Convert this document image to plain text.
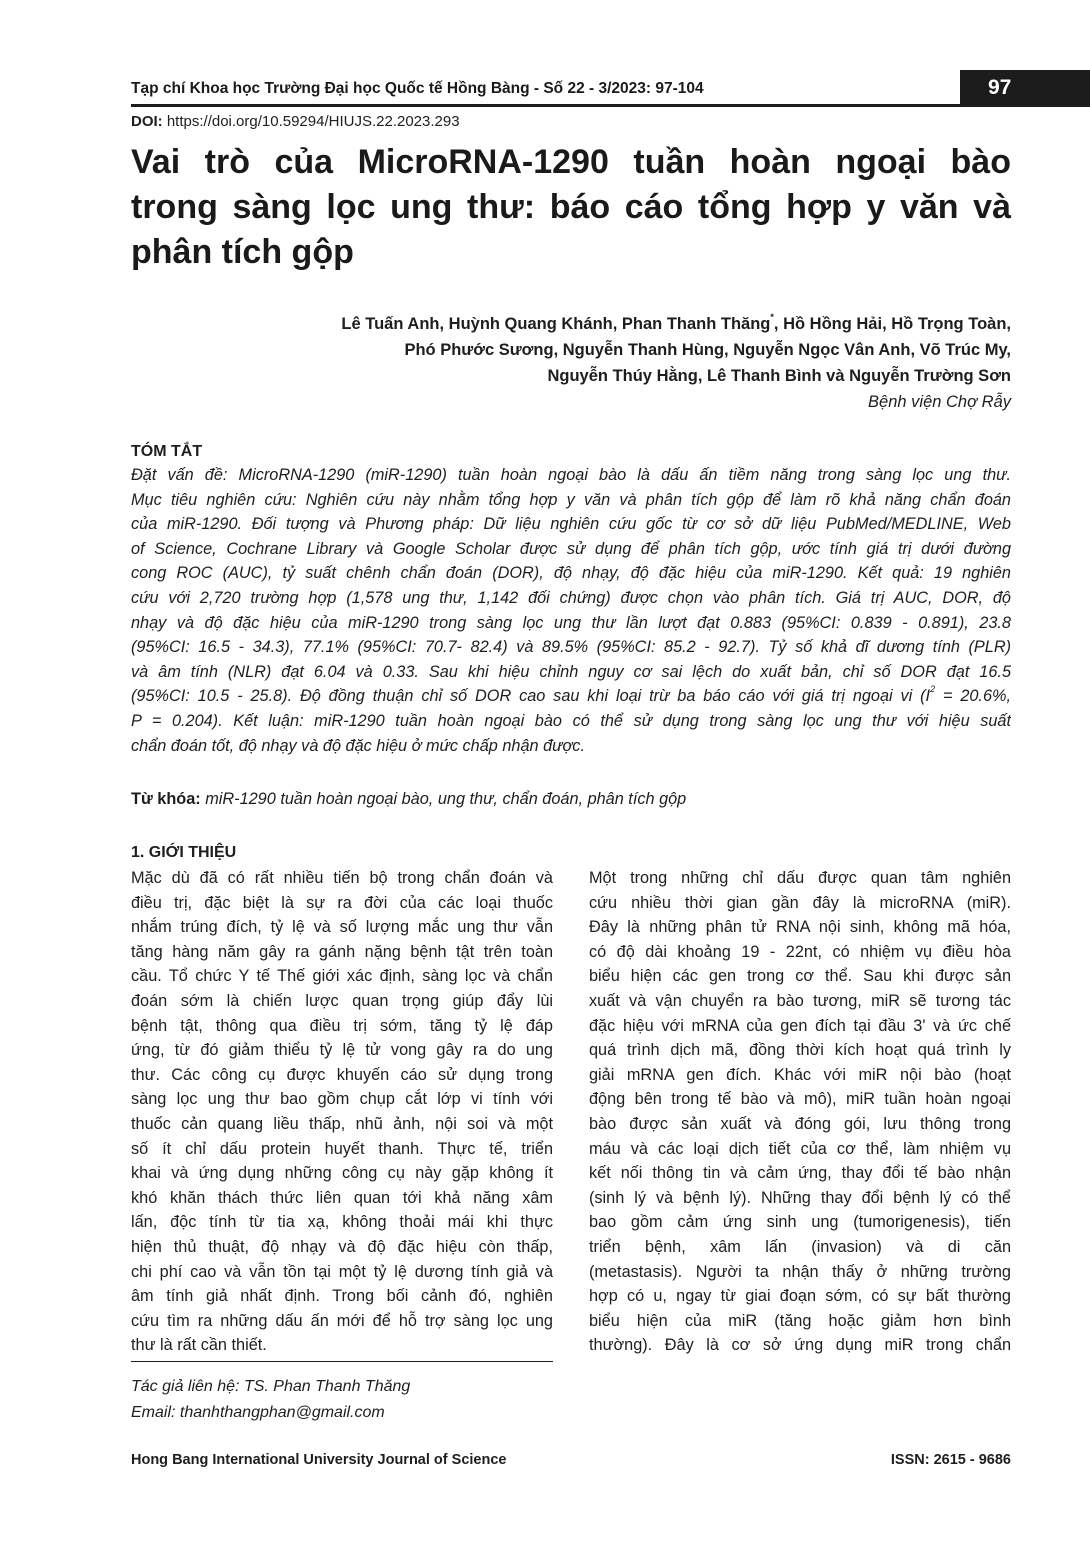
Tạp chí Khoa học Trường Đại học Quốc tế Hồng Bàng - Số 22 - 3/2023: 97-104	97
DOI: https://doi.org/10.59294/HIUJS.22.2023.293
Vai trò của MicroRNA-1290 tuần hoàn ngoại bào
trong sàng lọc ung thư: báo cáo tổng hợp y văn và
phân tích gộp
Lê Tuấn Anh, Huỳnh Quang Khánh, Phan Thanh Thăng*, Hồ Hồng Hải, Hồ Trọng Toàn,
Phó Phước Sương, Nguyễn Thanh Hùng, Nguyễn Ngọc Vân Anh, Võ Trúc My,
Nguyễn Thúy Hằng, Lê Thanh Bình và Nguyễn Trường Sơn
Bệnh viện Chợ Rẫy
TÓM TẮT
Đặt vấn đề: MicroRNA-1290 (miR-1290) tuần hoàn ngoại bào là dấu ấn tiềm năng trong sàng lọc ung thư.
Mục tiêu nghiên cứu: Nghiên cứu này nhằm tổng hợp y văn và phân tích gộp để làm rõ khả năng chẩn đoán
của miR-1290. Đối tượng và Phương pháp: Dữ liệu nghiên cứu gốc từ cơ sở dữ liệu PubMed/MEDLINE, Web
of Science, Cochrane Library và Google Scholar được sử dụng để phân tích gộp, ước tính giá trị dưới đường
cong ROC (AUC), tỷ suất chênh chẩn đoán (DOR), độ nhạy, độ đặc hiệu của miR-1290. Kết quả: 19 nghiên
cứu với 2,720 trường hợp (1,578 ung thư, 1,142 đối chứng) được chọn vào phân tích. Giá trị AUC, DOR, độ
nhạy và độ đặc hiệu của miR-1290 trong sàng lọc ung thư lần lượt đạt 0.883 (95%CI: 0.839 - 0.891), 23.8
(95%CI: 16.5 - 34.3), 77.1% (95%CI: 70.7- 82.4) và 89.5% (95%CI: 85.2 - 92.7). Tỷ số khả dĩ dương tính (PLR)
và âm tính (NLR) đạt 6.04 và 0.33. Sau khi hiệu chỉnh nguy cơ sai lệch do xuất bản, chỉ số DOR đạt 16.5
(95%CI: 10.5 - 25.8). Độ đồng thuận chỉ số DOR cao sau khi loại trừ ba báo cáo với giá trị ngoại vi ($I^2 = 20.6\%$,
P = 0.204). Kết luận: miR-1290 tuần hoàn ngoại bào có thể sử dụng trong sàng lọc ung thư với hiệu suất
chẩn đoán tốt, độ nhạy và độ đặc hiệu ở mức chấp nhận được.
Từ khóa: miR-1290 tuần hoàn ngoại bào, ung thư, chẩn đoán, phân tích gộp
1. GIỚI THIỆU
Mặc dù đã có rất nhiều tiến bộ trong chẩn đoán và
điều trị, đặc biệt là sự ra đời của các loại thuốc
nhắm trúng đích, tỷ lệ và số lượng mắc ung thư vẫn
tăng hàng năm gây ra gánh nặng bệnh tật trên toàn
cầu. Tổ chức Y tế Thế giới xác định, sàng lọc và chẩn
đoán sớm là chiến lược quan trọng giúp đẩy lùi
bệnh tật, thông qua điều trị sớm, tăng tỷ lệ đáp
ứng, từ đó giảm thiểu tỷ lệ tử vong gây ra do ung
thư. Các công cụ được khuyến cáo sử dụng trong
sàng lọc ung thư bao gồm chụp cắt lớp vi tính với
thuốc cản quang liều thấp, nhũ ảnh, nội soi và một
số ít chỉ dấu protein huyết thanh. Thực tế, triển
khai và ứng dụng những công cụ này gặp không ít
khó khăn thách thức liên quan tới khả năng xâm
lấn, độc tính từ tia xạ, không thoải mái khi thực
hiện thủ thuật, độ nhạy và độ đặc hiệu còn thấp,
chi phí cao và vẫn tồn tại một tỷ lệ dương tính giả và
âm tính giả nhất định. Trong bối cảnh đó, nghiên
cứu tìm ra những dấu ấn mới để hỗ trợ sàng lọc ung
thư là rất cần thiết.
Một trong những chỉ dấu được quan tâm nghiên
cứu nhiều thời gian gần đây là microRNA (miR).
Đây là những phân tử RNA nội sinh, không mã hóa,
có độ dài khoảng 19 - 22nt, có nhiệm vụ điều hòa
biểu hiện các gen trong cơ thể. Sau khi được sản
xuất và vận chuyển ra bào tương, miR sẽ tương tác
đặc hiệu với mRNA của gen đích tại đầu 3' và ức chế
quá trình dịch mã, đồng thời kích hoạt quá trình ly
giải mRNA gen đích. Khác với miR nội bào (hoạt
động bên trong tế bào và mô), miR tuần hoàn ngoại
bào được sản xuất và đóng gói, lưu thông trong
máu và các loại dịch tiết của cơ thể, làm nhiệm vụ
kết nối thông tin và cảm ứng, thay đổi tế bào nhận
(sinh lý và bệnh lý). Những thay đổi bệnh lý có thể
bao gồm cảm ứng sinh ung (tumorigenesis), tiến
triển bệnh, xâm lấn (invasion) và di căn
(metastasis). Người ta nhận thấy ở những trường
hợp có u, ngay từ giai đoạn sớm, có sự bất thường
biểu hiện của miR (tăng hoặc giảm hơn bình
thường). Đây là cơ sở ứng dụng miR trong chẩn
Tác giả liên hệ: TS. Phan Thanh Thăng
Email: thanhthangphan@gmail.com
Hong Bang International University Journal of Science	ISSN: 2615 - 9686
